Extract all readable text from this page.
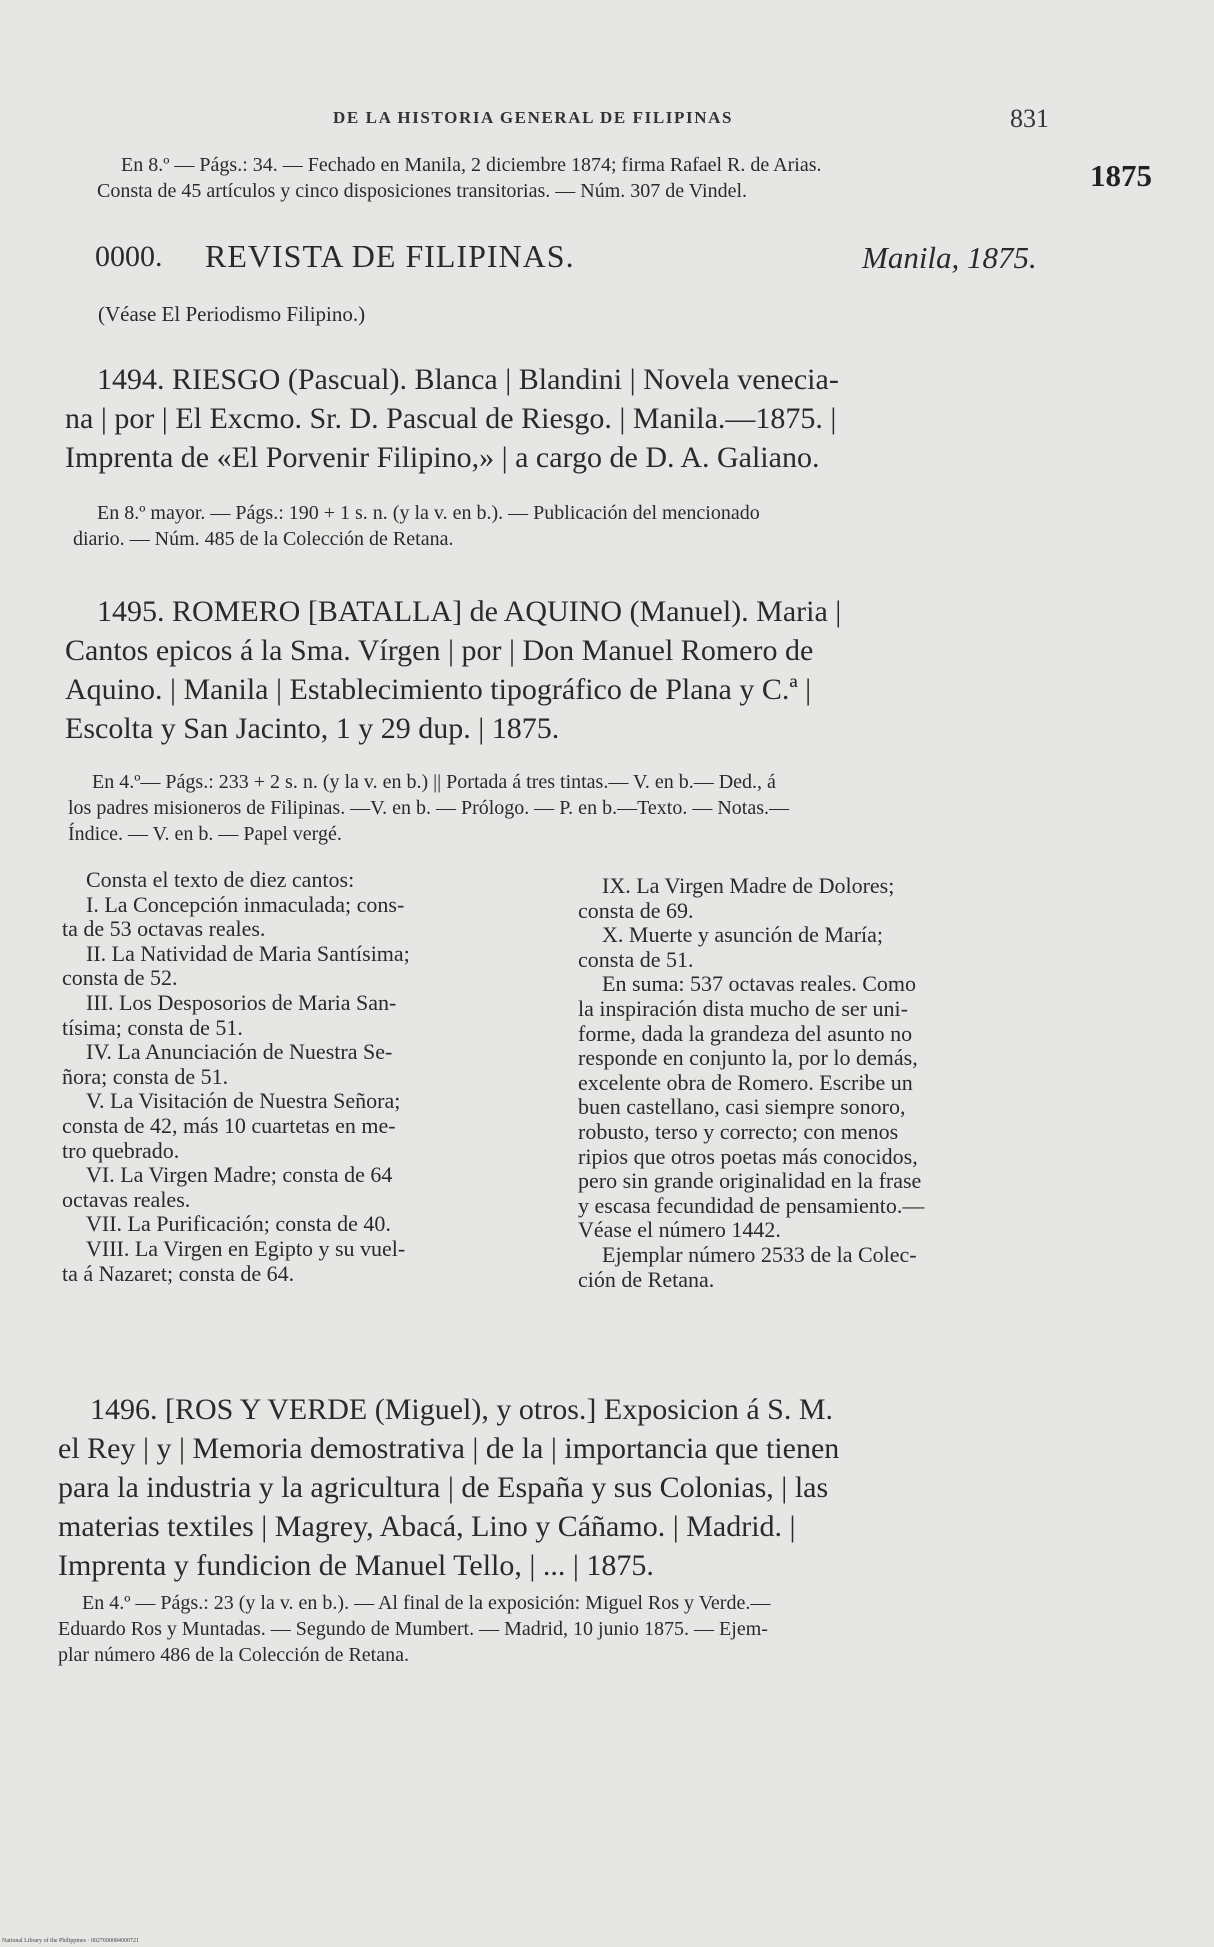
DE LA HISTORIA GENERAL DE FILIPINAS	831
1875
En 8.º — Págs.: 34. — Fechado en Manila, 2 diciembre 1874; firma Rafael R. de Arias.
Consta de 45 artículos y cinco disposiciones transitorias. — Núm. 307 de Vindel.
0000. REVISTA DE FILIPINAS.	Manila, 1875.
(Véase El Periodismo Filipino.)
1494. RIESGO (Pascual). Blanca | Blandini | Novela venecia-
na | por | El Excmo. Sr. D. Pascual de Riesgo. | Manila.—1875. |
Imprenta de «El Porvenir Filipino,» | a cargo de D. A. Galiano.
En 8.º mayor. — Págs.: 190 + 1 s. n. (y la v. en b.). — Publicación del mencionado
diario. — Núm. 485 de la Colección de Retana.
1495. ROMERO [BATALLA] de AQUINO (Manuel). Maria |
Cantos epicos á la Sma. Vírgen | por | Don Manuel Romero de
Aquino. | Manila | Establecimiento tipográfico de Plana y C.ª |
Escolta y San Jacinto, 1 y 29 dup. | 1875.
En 4.º— Págs.: 233 + 2 s. n. (y la v. en b.) || Portada á tres tintas.— V. en b.— Ded., á
los padres misioneros de Filipinas. —V. en b. — Prólogo. — P. en b.—Texto. — Notas.—
Índice. — V. en b. — Papel vergé.
Consta el texto de diez cantos:
I. La Concepción inmaculada; cons-
ta de 53 octavas reales.
II. La Natividad de Maria Santísima;
consta de 52.
III. Los Desposorios de Maria San-
tísima; consta de 51.
IV. La Anunciación de Nuestra Se-
ñora; consta de 51.
V. La Visitación de Nuestra Señora;
consta de 42, más 10 cuartetas en me-
tro quebrado.
VI. La Virgen Madre; consta de 64
octavas reales.
VII. La Purificación; consta de 40.
VIII. La Virgen en Egipto y su vuel-
ta á Nazaret; consta de 64.
IX. La Virgen Madre de Dolores;
consta de 69.
X. Muerte y asunción de María;
consta de 51.
En suma: 537 octavas reales. Como
la inspiración dista mucho de ser uni-
forme, dada la grandeza del asunto no
responde en conjunto la, por lo demás,
excelente obra de Romero. Escribe un
buen castellano, casi siempre sonoro,
robusto, terso y correcto; con menos
ripios que otros poetas más conocidos,
pero sin grande originalidad en la frase
y escasa fecundidad de pensamiento.—
Véase el número 1442.
Ejemplar número 2533 de la Colec-
ción de Retana.
1496. [ROS Y VERDE (Miguel), y otros.] Exposicion á S. M.
el Rey | y | Memoria demostrativa | de la | importancia que tienen
para la industria y la agricultura | de España y sus Colonias, | las
materias textiles | Magrey, Abacá, Lino y Cáñamo. | Madrid. |
Imprenta y fundicion de Manuel Tello, | ... | 1875.
En 4.º — Págs.: 23 (y la v. en b.). — Al final de la exposición: Miguel Ros y Verde.—
Eduardo Ros y Muntadas. — Segundo de Mumbert. — Madrid, 10 junio 1875. — Ejem-
plar número 486 de la Colección de Retana.
National Library of the Philippines · 0027600084000721
